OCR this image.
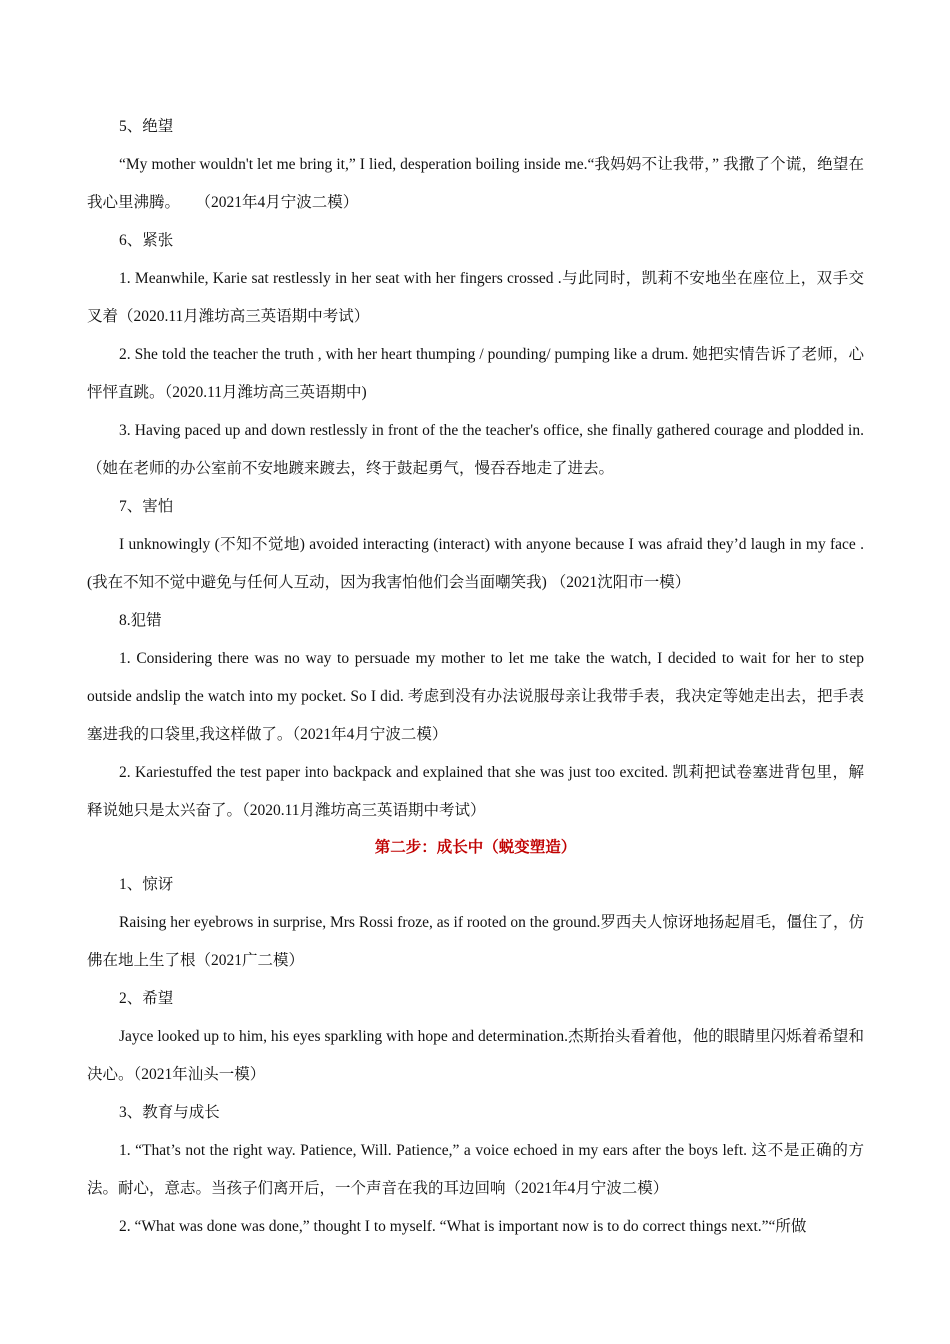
5、绝望

“My mother wouldn't let me bring it,” I lied, desperation boiling inside me.“我妈妈不让我带，” 我撒了个谎，绝望在我心里沸腾。　　（2021年4月宁波二模）

6、紧张

1. Meanwhile, Karie sat restlessly in her seat with her fingers crossed .与此同时，凯莉不安地坐在座位上，双手交叉着（2020.11月潍坊高三英语期中考试）

2. She told the teacher the truth , with her heart thumping / pounding/ pumping like a drum. 她把实情告诉了老师，心怦怦直跳。（2020.11月潍坊高三英语期中)

3. Having paced up and down restlessly in front of the the teacher's office, she finally gathered courage and plodded in.（她在老师的办公室前不安地踱来踱去，终于鼓起勇气，慢吞吞地走了进去。

7、害怕

I unknowingly (不知不觉地) avoided interacting (interact) with anyone because I was afraid they’d laugh in my face .(我在不知不觉中避免与任何人互动，因为我害怕他们会当面嘲笑我) （2021沈阳市一模）

8.犯错

1. Considering there was no way to persuade my mother to let me take the watch, I decided to wait for her to step outside andslip the watch into my pocket. So I did. 考虑到没有办法说服母亲让我带手表，我决定等她走出去，把手表塞进我的口袋里,我这样做了。（2021年4月宁波二模）

2. Kariestuffed the test paper into backpack and explained that she was just too excited. 凯莉把试卷塞进背包里，解释说她只是太兴奋了。（2020.11月潍坊高三英语期中考试）

第二步：成长中（蜕变塑造）

1、惊讶

Raising her eyebrows in surprise, Mrs Rossi froze, as if rooted on the ground.罗西夫人惊讶地扬起眉毛，僵住了，仿佛在地上生了根（2021广二模）

2、希望

Jayce looked up to him, his eyes sparkling with hope and determination.杰斯抬头看着他，他的眼睛里闪烁着希望和决心。（2021年汕头一模）

3、教育与成长

1. “That’s not the right way. Patience, Will. Patience,” a voice echoed in my ears after the boys left. 这不是正确的方法。耐心，意志。当孩子们离开后，一个声音在我的耳边回响（2021年4月宁波二模）

2. “What was done was done,” thought I to myself. “What is important now is to do correct things next.”“所做
